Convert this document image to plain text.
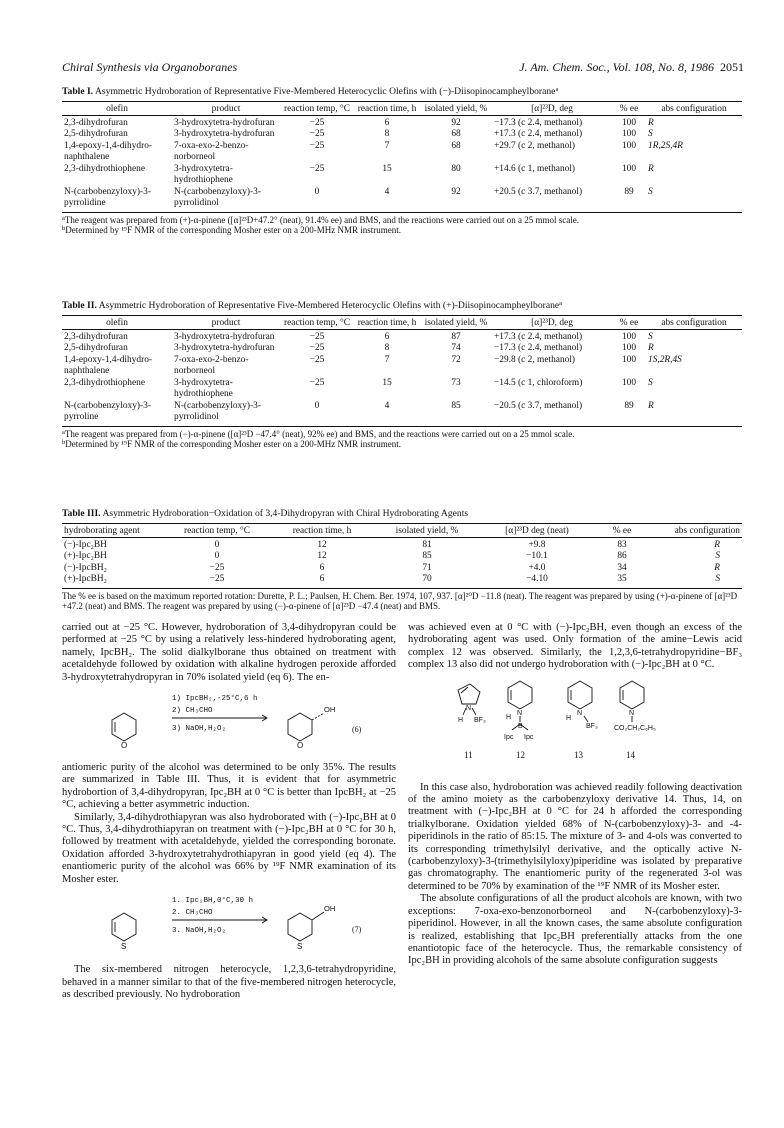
Chiral Synthesis via Organoboranes	J. Am. Chem. Soc., Vol. 108, No. 8, 1986 2051
Table I. Asymmetric Hydroboration of Representative Five-Membered Heterocyclic Olefins with (−)-Diisopinocampheylborane$^a$
olefin	product	reaction temp, °C	reaction time, h	isolated yield, %	[α]²³D, deg	% ee	abs configuration
2,3-dihydrofuran	3-hydroxytetra-hydrofuran	−25	6	92	−17.3 (c 2.4, methanol)	100	R
2,5-dihydrofuran	3-hydroxytetra-hydrofuran	−25	8	68	+17.3 (c 2.4, methanol)	100	S
1,4-epoxy-1,4-dihydro-naphthalene	7-oxa-exo-2-benzo-norborneol	−25	7	68	+29.7 (c 2, methanol)	100	1R,2S,4R
2,3-dihydrothiophene	3-hydroxytetra-hydrothiophene	−25	15	80	+14.6 (c 1, methanol)	100	R
N-(carbobenzyloxy)-3-pyrrolidine	N-(carbobenzyloxy)-3-pyrrolidinol	0	4	92	+20.5 (c 3.7, methanol)	89	S
$^a$The reagent was prepared from (+)-α-pinene ([α]²³D+47.2° (neat), 91.4% ee) and BMS, and the reactions were carried out on a 25 mmol scale.
$^b$Determined by ¹⁹F NMR of the corresponding Mosher ester on a 200-MHz NMR instrument.
Table II. Asymmetric Hydroboration of Representative Five-Membered Heterocyclic Olefins with (+)-Diisopinocampheylborane$^a$
olefin	product	reaction temp, °C	reaction time, h	isolated yield, %	[α]²³D, deg	% ee	abs configuration
2,3-dihydrofuran	3-hydroxytetra-hydrofuran	−25	6	87	+17.3 (c 2.4, methanol)	100	S
2,5-dihydrofuran	3-hydroxytetra-hydrofuran	−25	8	74	−17.3 (c 2.4, methanol)	100	R
1,4-epoxy-1,4-dihydro-naphthalene	7-oxa-exo-2-benzo-norborneol	−25	7	72	−29.8 (c 2, methanol)	100	1S,2R,4S
2,3-dihydrothiophene	3-hydroxytetra-hydrothiophene	−25	15	73	−14.5 (c 1, chloroform)	100	S
N-(carbobenzyloxy)-3-pyrroline	N-(carbobenzyloxy)-3-pyrrolidinol	0	4	85	−20.5 (c 3.7, methanol)	89	R
$^a$The reagent was prepared from (−)-α-pinene ([α]²³D −47.4° (neat), 92% ee) and BMS, and the reactions were carried out on a 25 mmol scale.
$^b$Determined by ¹⁹F NMR of the corresponding Mosher ester on a 200-MHz NMR instrument.
Table III. Asymmetric Hydroboration−Oxidation of 3,4-Dihydropyran with Chiral Hydroborating Agents
hydroborating agent	reaction temp, °C	reaction time, h	isolated yield, %	[α]²³D deg (neat)	% ee	abs configuration
(−)-Ipc₂BH	0	12	81	+9.8	83	R
(+)-Ipc₂BH	0	12	85	−10.1	86	S
(−)-IpcBH₂	−25	6	71	+4.0	34	R
(+)-IpcBH₂	−25	6	70	−4.10	35	S
The % ee is based on the maximum reported rotation: Durette, P. L.; Paulsen, H. Chem. Ber. 1974, 107, 937. [α]²⁰D −11.8 (neat). The reagent was prepared by using (+)-α-pinene of [α]²³D +47.2 (neat) and BMS. The reagent was prepared by using (−)-α-pinene of [α]²³D −47.4 (neat) and BMS.

carried out at −25 °C. However, hydroboration of 3,4-dihydropyran could be performed at −25 °C by using a relatively less-hindered hydroborating agent, namely, IpcBH₂. The solid dialkylborane thus obtained on treatment with acetaldehyde followed by oxidation with alkaline hydrogen peroxide afforded 3-hydroxytetrahydropyran in 70% isolated yield (eq 6). The en-

O
1) IpcBH₂,-25°C,6 h
2) CH₃CHO
3) NaOH,H₂O₂
OH
O
(6)

antiomeric purity of the alcohol was determined to be only 35%. The results are summarized in Table III. Thus, it is evident that for asymmetric hydrobortion of 3,4-dihydropyran, Ipc₂BH at 0 °C is better than IpcBH₂ at −25 °C, achieving a better asymmetric induction.

Similarly, 3,4-dihydrothiapyran was also hydroborated with (−)-Ipc₂BH at 0 °C. Thus, 3,4-dihydrothiapyran on treatment with (−)-Ipc₂BH at 0 °C for 30 h, followed by treatment with acetaldehyde, yielded the corresponding boronate. Oxidation afforded 3-hydroxytetrahydrothiapyran in good yield (eq 4). The enantiomeric purity of the alcohol was 66% by ¹⁹F NMR examination of its Mosher ester.

S
1. Ipc₂BH,0°C,30 h
2. CH₃CHO
3. NaOH,H₂O₂
OH
S
(7)

The six-membered nitrogen heterocycle, 1,2,3,6-tetrahydropyridine, behaved in a manner similar to that of the five-membered nitrogen heterocycle, as described previously. No hydroboration

was achieved even at 0 °C with (−)-Ipc₂BH, even though an excess of the hydroborating agent was used. Only formation of the amine−Lewis acid complex 12 was observed. Similarly, the 1,2,3,6-tetrahydropyridine−BF₃ complex 13 also did not undergo hydroboration with (−)-Ipc₂BH at 0 °C.

N
H BF₃
N
H
B
Ipc Ipc
N
H
BF₃
N
CO₂CH₂C₆H₅
11	12	13	14

In this case also, hydroboration was achieved readily following deactivation of the amino moiety as the carbobenzyloxy derivative 14. Thus, 14, on treatment with (−)-Ipc₂BH at 0 °C for 24 h afforded the corresponding trialkylborane. Oxidation yielded 68% of N-(carbobenzyloxy)-3- and -4-piperidinols in the ratio of 85:15. The mixture of 3- and 4-ols was converted to its corresponding trimethylsilyl derivative, and the optically active N-(carbobenzyloxy)-3-(trimethylsilyloxy)piperidine was isolated by preparative gas chromatography. The enantiomeric purity of the regenerated 3-ol was determined to be 70% by examination of the ¹⁹F NMR of its Mosher ester.

The absolute configurations of all the product alcohols are known, with two exceptions: 7-oxa-exo-benzonorborneol and N-(carbobenzyloxy)-3-piperidinol. However, in all the known cases, the same absolute configuration is realized, establishing that Ipc₂BH preferentially attacks from the one enantiotopic face of the heterocycle. Thus, the remarkable consistency of Ipc₂BH in providing alcohols of the same absolute configuration suggests
